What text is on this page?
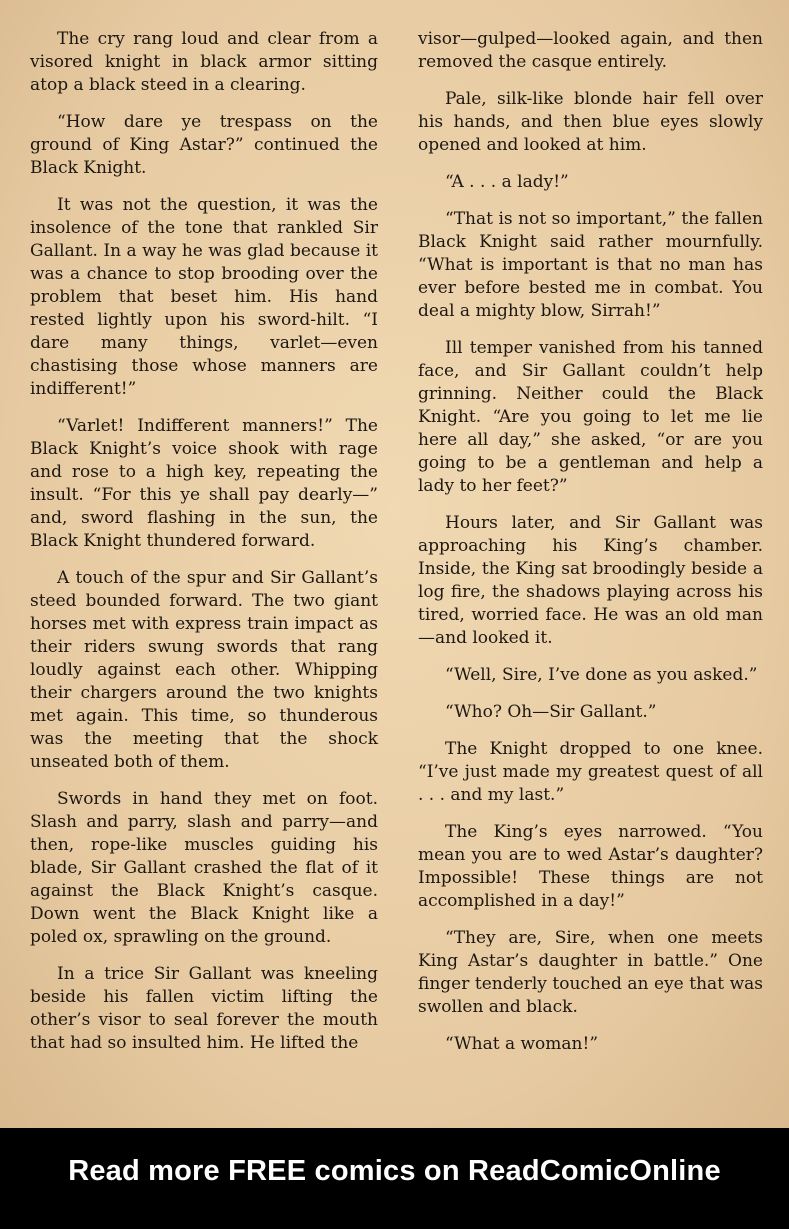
The cry rang loud and clear from a visored knight in black armor sitting atop a black steed in a clearing.

“How dare ye trespass on the ground of King Astar?” continued the Black Knight.

It was not the question, it was the insolence of the tone that rankled Sir Gallant. In a way he was glad because it was a chance to stop brooding over the problem that beset him. His hand rested lightly upon his sword-hilt. “I dare many things, varlet—even chastising those whose manners are indifferent!”

“Varlet! Indifferent manners!” The Black Knight’s voice shook with rage and rose to a high key, repeating the insult. “For this ye shall pay dearly—” and, sword flashing in the sun, the Black Knight thundered forward.

A touch of the spur and Sir Gallant’s steed bounded forward. The two giant horses met with express train impact as their riders swung swords that rang loudly against each other. Whipping their chargers around the two knights met again. This time, so thunderous was the meeting that the shock unseated both of them.

Swords in hand they met on foot. Slash and parry, slash and parry—and then, rope-like muscles guiding his blade, Sir Gallant crashed the flat of it against the Black Knight’s casque. Down went the Black Knight like a poled ox, sprawling on the ground.

In a trice Sir Gallant was kneeling beside his fallen victim lifting the other’s visor to seal forever the mouth that had so insulted him. He lifted the

visor—gulped—looked again, and then removed the casque entirely.

Pale, silk-like blonde hair fell over his hands, and then blue eyes slowly opened and looked at him.

“A . . . a lady!”

“That is not so important,” the fallen Black Knight said rather mournfully. “What is important is that no man has ever before bested me in combat. You deal a mighty blow, Sirrah!”

Ill temper vanished from his tanned face, and Sir Gallant couldn’t help grinning. Neither could the Black Knight. “Are you going to let me lie here all day,” she asked, “or are you going to be a gentleman and help a lady to her feet?”

Hours later, and Sir Gallant was approaching his King’s chamber. Inside, the King sat broodingly beside a log fire, the shadows playing across his tired, worried face. He was an old man—and looked it.

“Well, Sire, I’ve done as you asked.”

“Who? Oh—Sir Gallant.”

The Knight dropped to one knee. “I’ve just made my greatest quest of all . . . and my last.”

The King’s eyes narrowed. “You mean you are to wed Astar’s daughter? Impossible! These things are not accomplished in a day!”

“They are, Sire, when one meets King Astar’s daughter in battle.” One finger tenderly touched an eye that was swollen and black.

“What a woman!”

Read more FREE comics on ReadComicOnline
